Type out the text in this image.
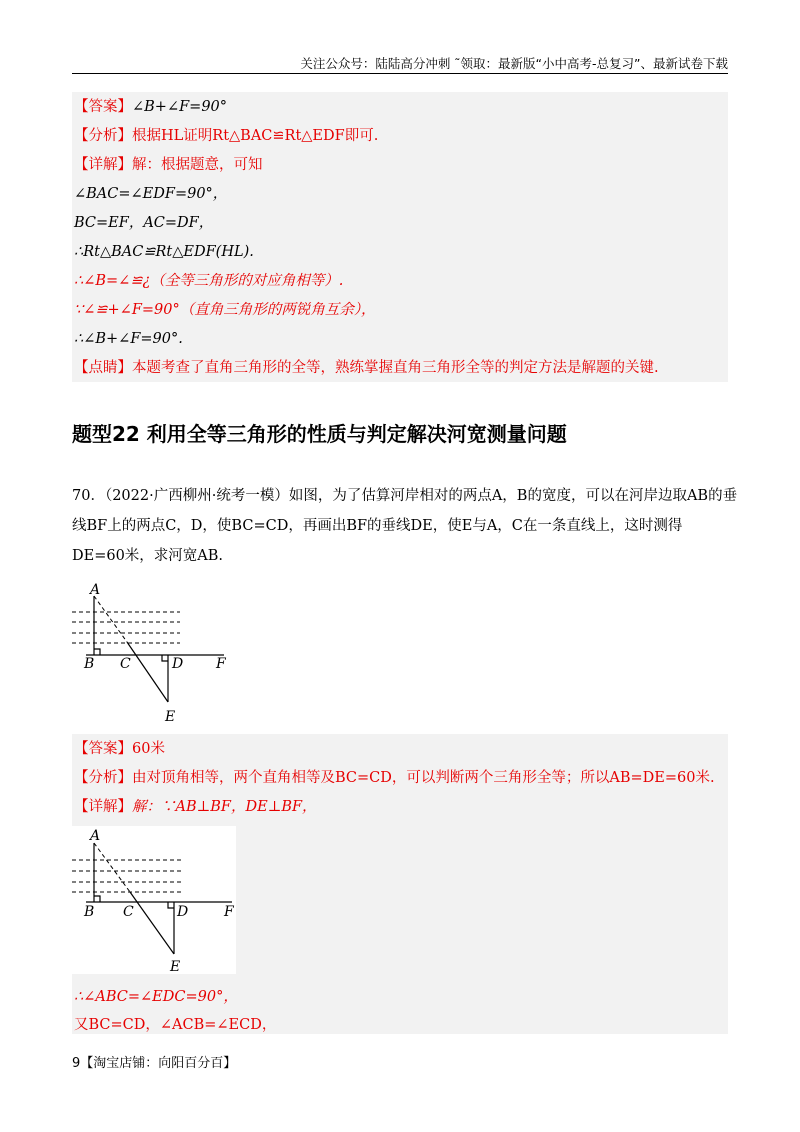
关注公众号：陆陆高分冲刺 ˜领取：最新版“小中高考-总复习”、最新试卷下载
【答案】∠B+∠F=90°
【分析】根据HL证明Rt△BAC≌Rt△EDF即可.
【详解】解：根据题意，可知
∠BAC=∠EDF=90°，
BC=EF，AC=DF，
∴Rt△BAC≌Rt△EDF(HL).
∴∠B=∠≌¿（全等三角形的对应角相等）.
∵∠≌+∠F=90°（直角三角形的两锐角互余），
∴∠B+∠F=90°.
【点睛】本题考查了直角三角形的全等，熟练掌握直角三角形全等的判定方法是解题的关键.
题型22 利用全等三角形的性质与判定解决河宽测量问题
70．（2022·广西柳州·统考一模）如图，为了估算河岸相对的两点A，B的宽度，可以在河岸边取AB的垂
线BF上的两点C，D，使BC=CD，再画出BF的垂线DE，使E与A，C在一条直线上，这时测得
DE=60米，求河宽AB.
A
B C	D F
E
【答案】60米
【分析】由对顶角相等，两个直角相等及BC=CD，可以判断两个三角形全等；所以AB=DE=60米.
【详解】解：∵AB⊥BF，DE⊥BF，
A
B C	D	F
E
∴∠ABC=∠EDC=90°，
又BC=CD，∠ACB=∠ECD，
9【淘宝店铺：向阳百分百】
